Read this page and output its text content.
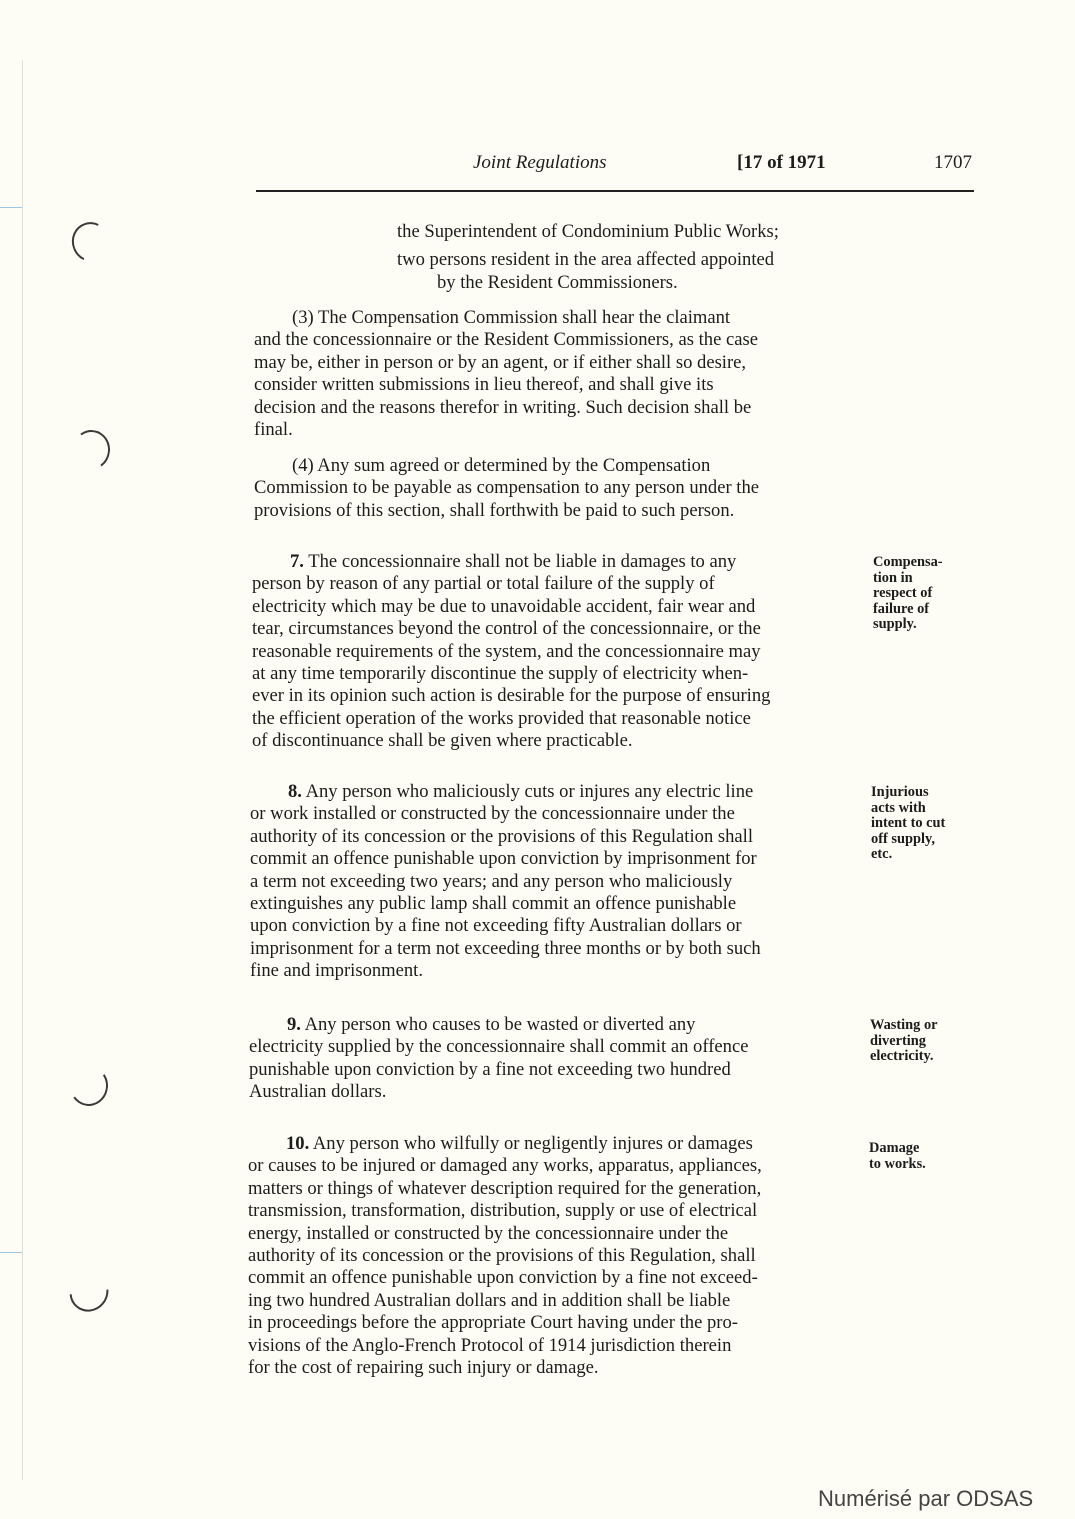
Joint Regulations	[17 of 1971	1707
the Superintendent of Condominium Public Works;
two persons resident in the area affected appointed
by the Resident Commissioners.
(3) The Compensation Commission shall hear the claimant
and the concessionnaire or the Resident Commissioners, as the case
may be, either in person or by an agent, or if either shall so desire,
consider written submissions in lieu thereof, and shall give its
decision and the reasons therefor in writing. Such decision shall be
final.
(4) Any sum agreed or determined by the Compensation
Commission to be payable as compensation to any person under the
provisions of this section, shall forthwith be paid to such person.
7. The concessionnaire shall not be liable in damages to any
person by reason of any partial or total failure of the supply of
electricity which may be due to unavoidable accident, fair wear and
tear, circumstances beyond the control of the concessionnaire, or the
reasonable requirements of the system, and the concessionnaire may
at any time temporarily discontinue the supply of electricity when-
ever in its opinion such action is desirable for the purpose of ensuring
the efficient operation of the works provided that reasonable notice
of discontinuance shall be given where practicable.
Compensa-
tion in
respect of
failure of
supply.
8. Any person who maliciously cuts or injures any electric line
or work installed or constructed by the concessionnaire under the
authority of its concession or the provisions of this Regulation shall
commit an offence punishable upon conviction by imprisonment for
a term not exceeding two years; and any person who maliciously
extinguishes any public lamp shall commit an offence punishable
upon conviction by a fine not exceeding fifty Australian dollars or
imprisonment for a term not exceeding three months or by both such
fine and imprisonment.
Injurious
acts with
intent to cut
off supply,
etc.
9. Any person who causes to be wasted or diverted any
electricity supplied by the concessionnaire shall commit an offence
punishable upon conviction by a fine not exceeding two hundred
Australian dollars.
Wasting or
diverting
electricity.
10. Any person who wilfully or negligently injures or damages
or causes to be injured or damaged any works, apparatus, appliances,
matters or things of whatever description required for the generation,
transmission, transformation, distribution, supply or use of electrical
energy, installed or constructed by the concessionnaire under the
authority of its concession or the provisions of this Regulation, shall
commit an offence punishable upon conviction by a fine not exceed-
ing two hundred Australian dollars and in addition shall be liable
in proceedings before the appropriate Court having under the pro-
visions of the Anglo-French Protocol of 1914 jurisdiction therein
for the cost of repairing such injury or damage.
Damage
to works.
Numérisé par ODSAS
